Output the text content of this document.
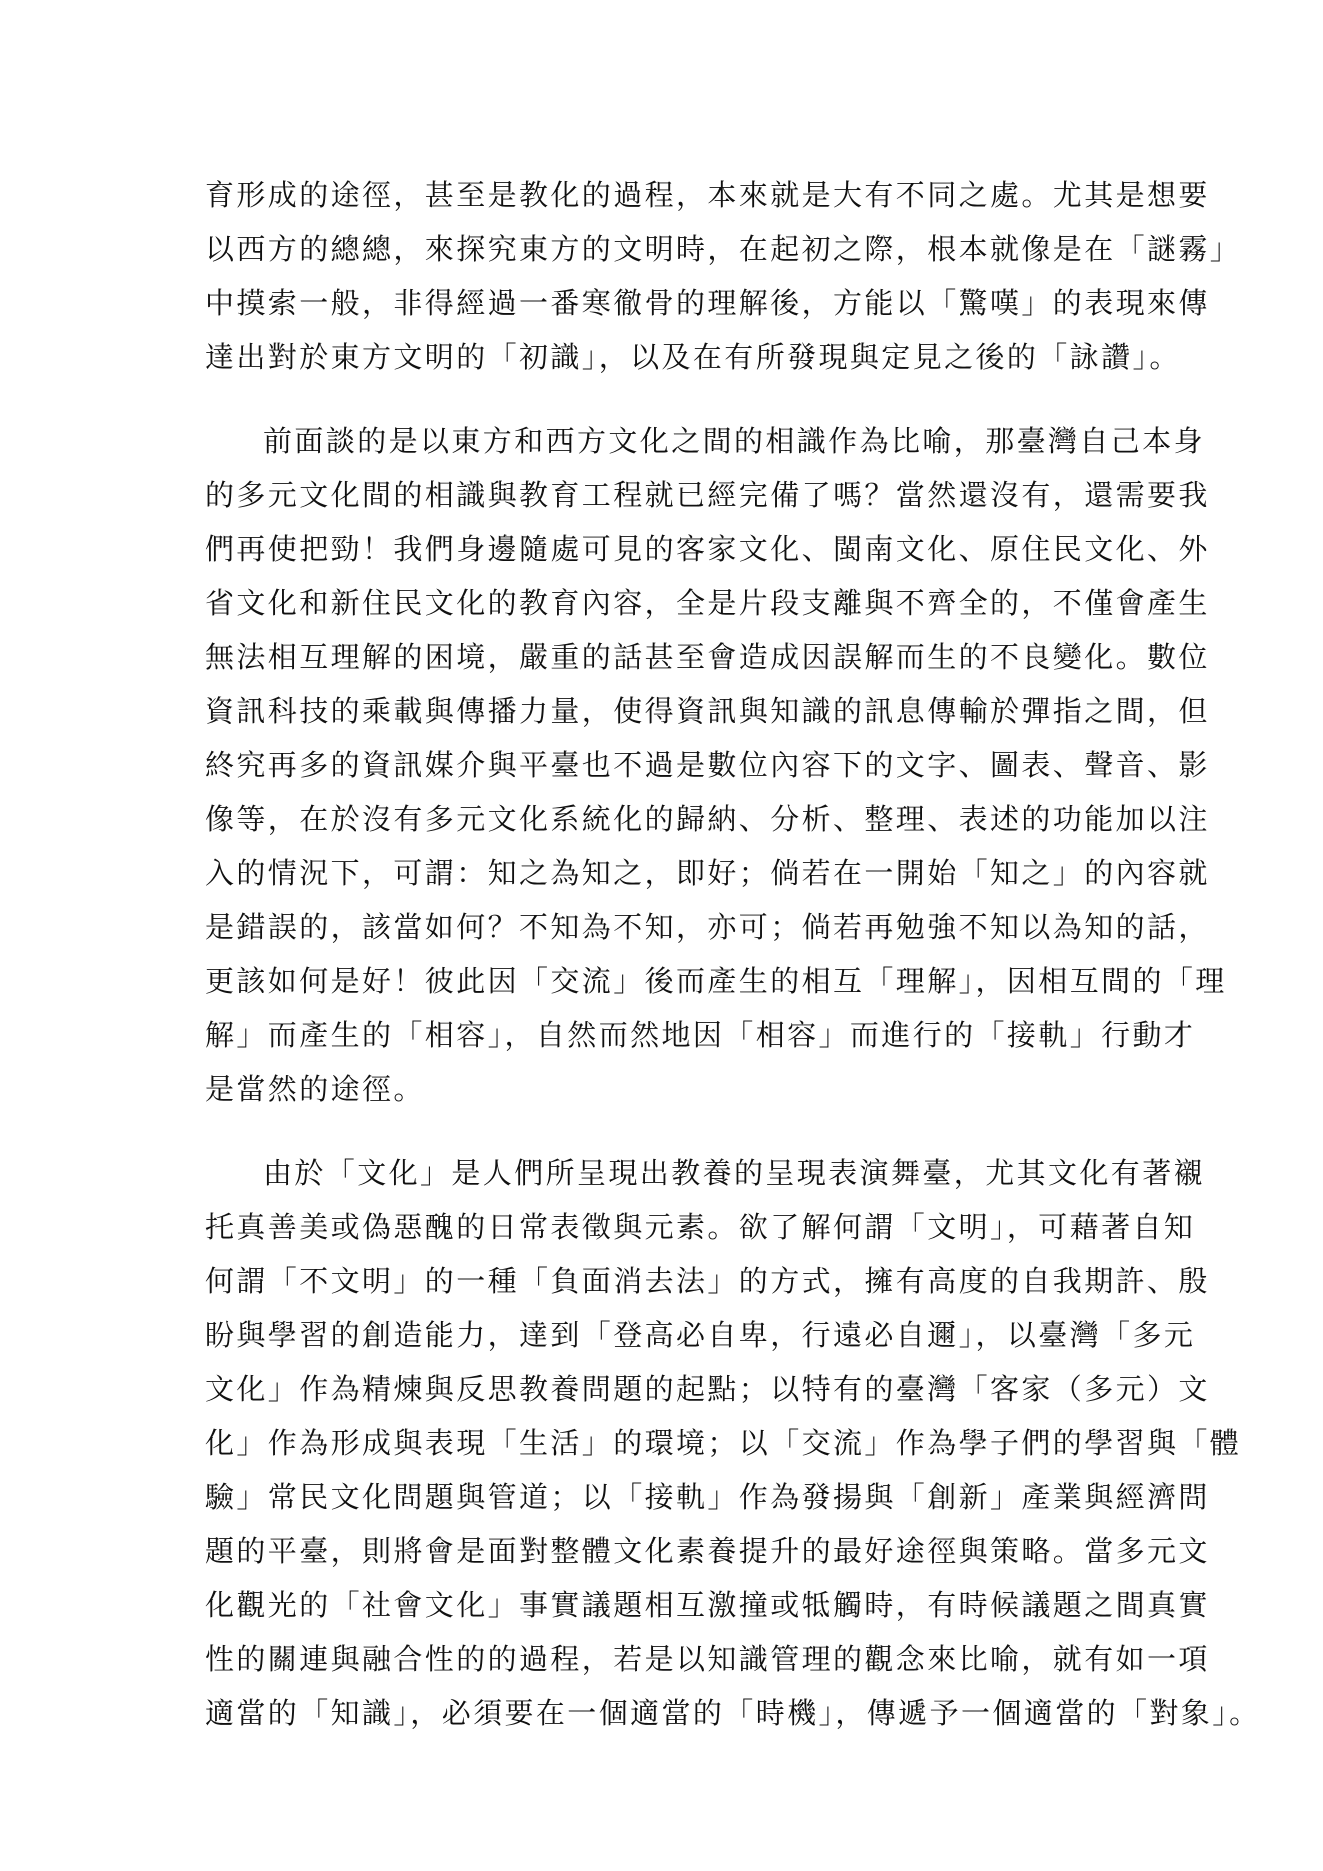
育形成的途徑，甚至是教化的過程，本來就是大有不同之處。尤其是想要
以西方的總總，來探究東方的文明時，在起初之際，根本就像是在「謎霧」
中摸索一般，非得經過一番寒徹骨的理解後，方能以「驚嘆」的表現來傳
達出對於東方文明的「初識」，以及在有所發現與定見之後的「詠讚」。
前面談的是以東方和西方文化之間的相識作為比喻，那臺灣自己本身
的多元文化間的相識與教育工程就已經完備了嗎？當然還沒有，還需要我
們再使把勁！我們身邊隨處可見的客家文化、閩南文化、原住民文化、外
省文化和新住民文化的教育內容，全是片段支離與不齊全的，不僅會產生
無法相互理解的困境，嚴重的話甚至會造成因誤解而生的不良變化。數位
資訊科技的乘載與傳播力量，使得資訊與知識的訊息傳輸於彈指之間，但
終究再多的資訊媒介與平臺也不過是數位內容下的文字、圖表、聲音、影
像等，在於沒有多元文化系統化的歸納、分析、整理、表述的功能加以注
入的情況下，可謂：知之為知之，即好；倘若在一開始「知之」的內容就
是錯誤的，該當如何？不知為不知，亦可；倘若再勉強不知以為知的話，
更該如何是好！彼此因「交流」後而產生的相互「理解」，因相互間的「理
解」而產生的「相容」，自然而然地因「相容」而進行的「接軌」行動才
是當然的途徑。
由於「文化」是人們所呈現出教養的呈現表演舞臺，尤其文化有著襯
托真善美或偽惡醜的日常表徵與元素。欲了解何謂「文明」，可藉著自知
何謂「不文明」的一種「負面消去法」的方式，擁有高度的自我期許、殷
盼與學習的創造能力，達到「登高必自卑，行遠必自邇」，以臺灣「多元
文化」作為精煉與反思教養問題的起點；以特有的臺灣「客家（多元）文
化」作為形成與表現「生活」的環境；以「交流」作為學子們的學習與「體
驗」常民文化問題與管道；以「接軌」作為發揚與「創新」產業與經濟問
題的平臺，則將會是面對整體文化素養提升的最好途徑與策略。當多元文
化觀光的「社會文化」事實議題相互激撞或牴觸時，有時候議題之間真實
性的關連與融合性的的過程，若是以知識管理的觀念來比喻，就有如一項
適當的「知識」，必須要在一個適當的「時機」，傳遞予一個適當的「對象」。
